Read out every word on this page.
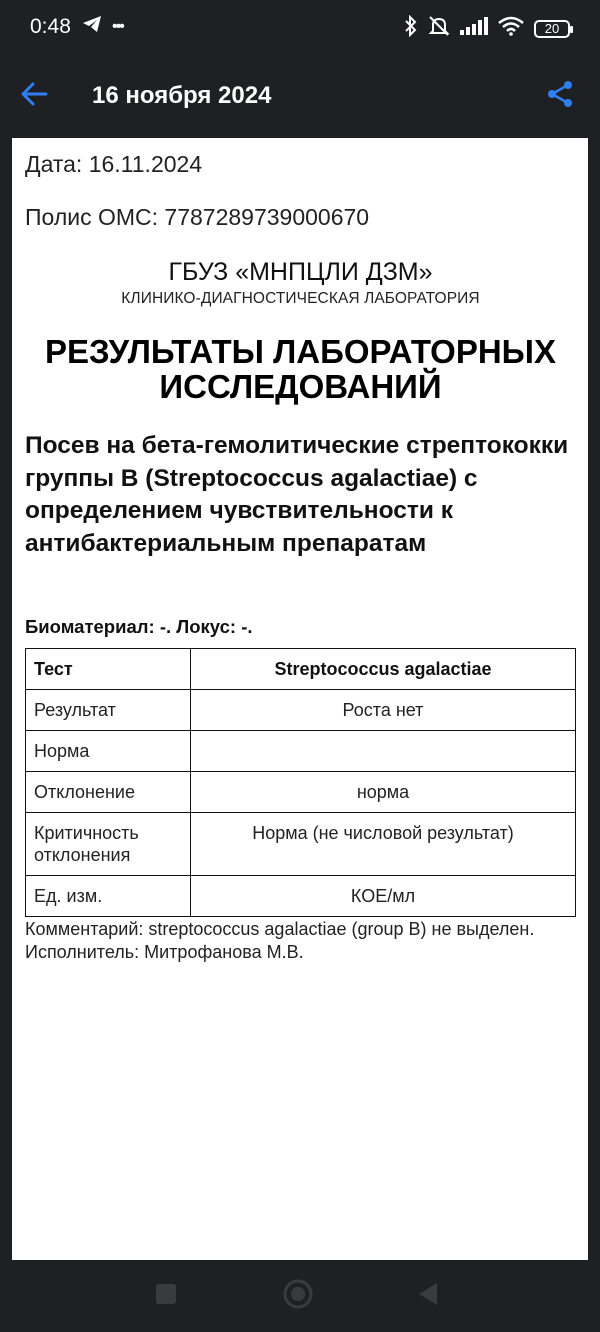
0:48	•••	20
16 ноября 2024
Дата: 16.11.2024
Полис ОМС: 7787289739000670
ГБУЗ «МНПЦЛИ ДЗМ»
КЛИНИКО-ДИАГНОСТИЧЕСКАЯ ЛАБОРАТОРИЯ
РЕЗУЛЬТАТЫ ЛАБОРАТОРНЫХ
ИССЛЕДОВАНИЙ
Посев на бета-гемолитические стрептококки группы B (Streptococcus agalactiae) с определением чувствительности к антибактериальным препаратам
Биоматериал: -. Локус: -.
Тест	Streptococcus agalactiae
Результат	Роста нет
Норма	
Отклонение	норма
Критичность отклонения	Норма (не числовой результат)
Ед. изм.	КОЕ/мл
Комментарий: streptococcus agalactiae (group B) не выделен.
Исполнитель: Митрофанова М.В.
